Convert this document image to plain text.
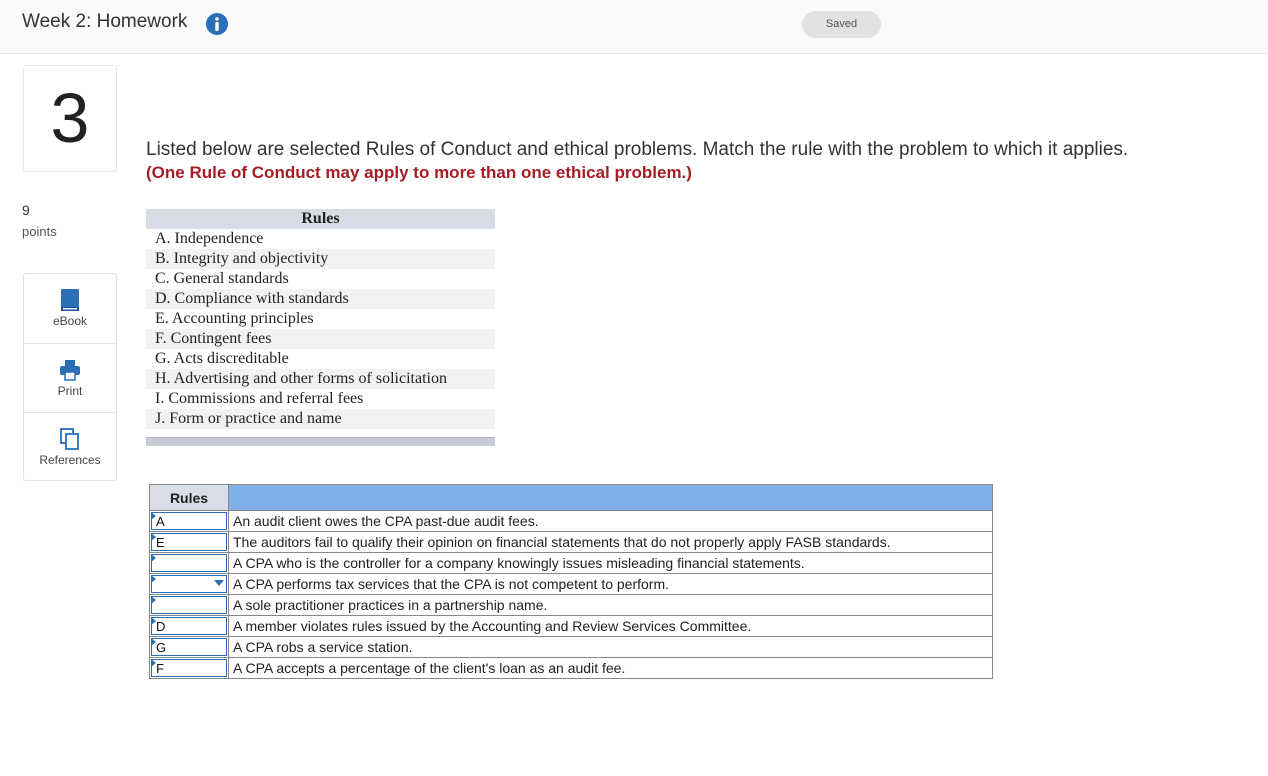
Week 2: Homework	Saved
3
9
points
eBook
Print
References
Listed below are selected Rules of Conduct and ethical problems. Match the rule with the problem to which it applies.
(One Rule of Conduct may apply to more than one ethical problem.)
Rules
A. Independence
B. Integrity and objectivity
C. General standards
D. Compliance with standards
E. Accounting principles
F. Contingent fees
G. Acts discreditable
H. Advertising and other forms of solicitation
I. Commissions and referral fees
J. Form or practice and name
Rules	

A	An audit client owes the CPA past-due audit fees.

E	The auditors fail to qualify their opinion on financial statements that do not properly apply FASB standards.

	A CPA who is the controller for a company knowingly issues misleading financial statements.

	A CPA performs tax services that the CPA is not competent to perform.

	A sole practitioner practices in a partnership name.

D	A member violates rules issued by the Accounting and Review Services Committee.

G	A CPA robs a service station.

F	A CPA accepts a percentage of the client's loan as an audit fee.
